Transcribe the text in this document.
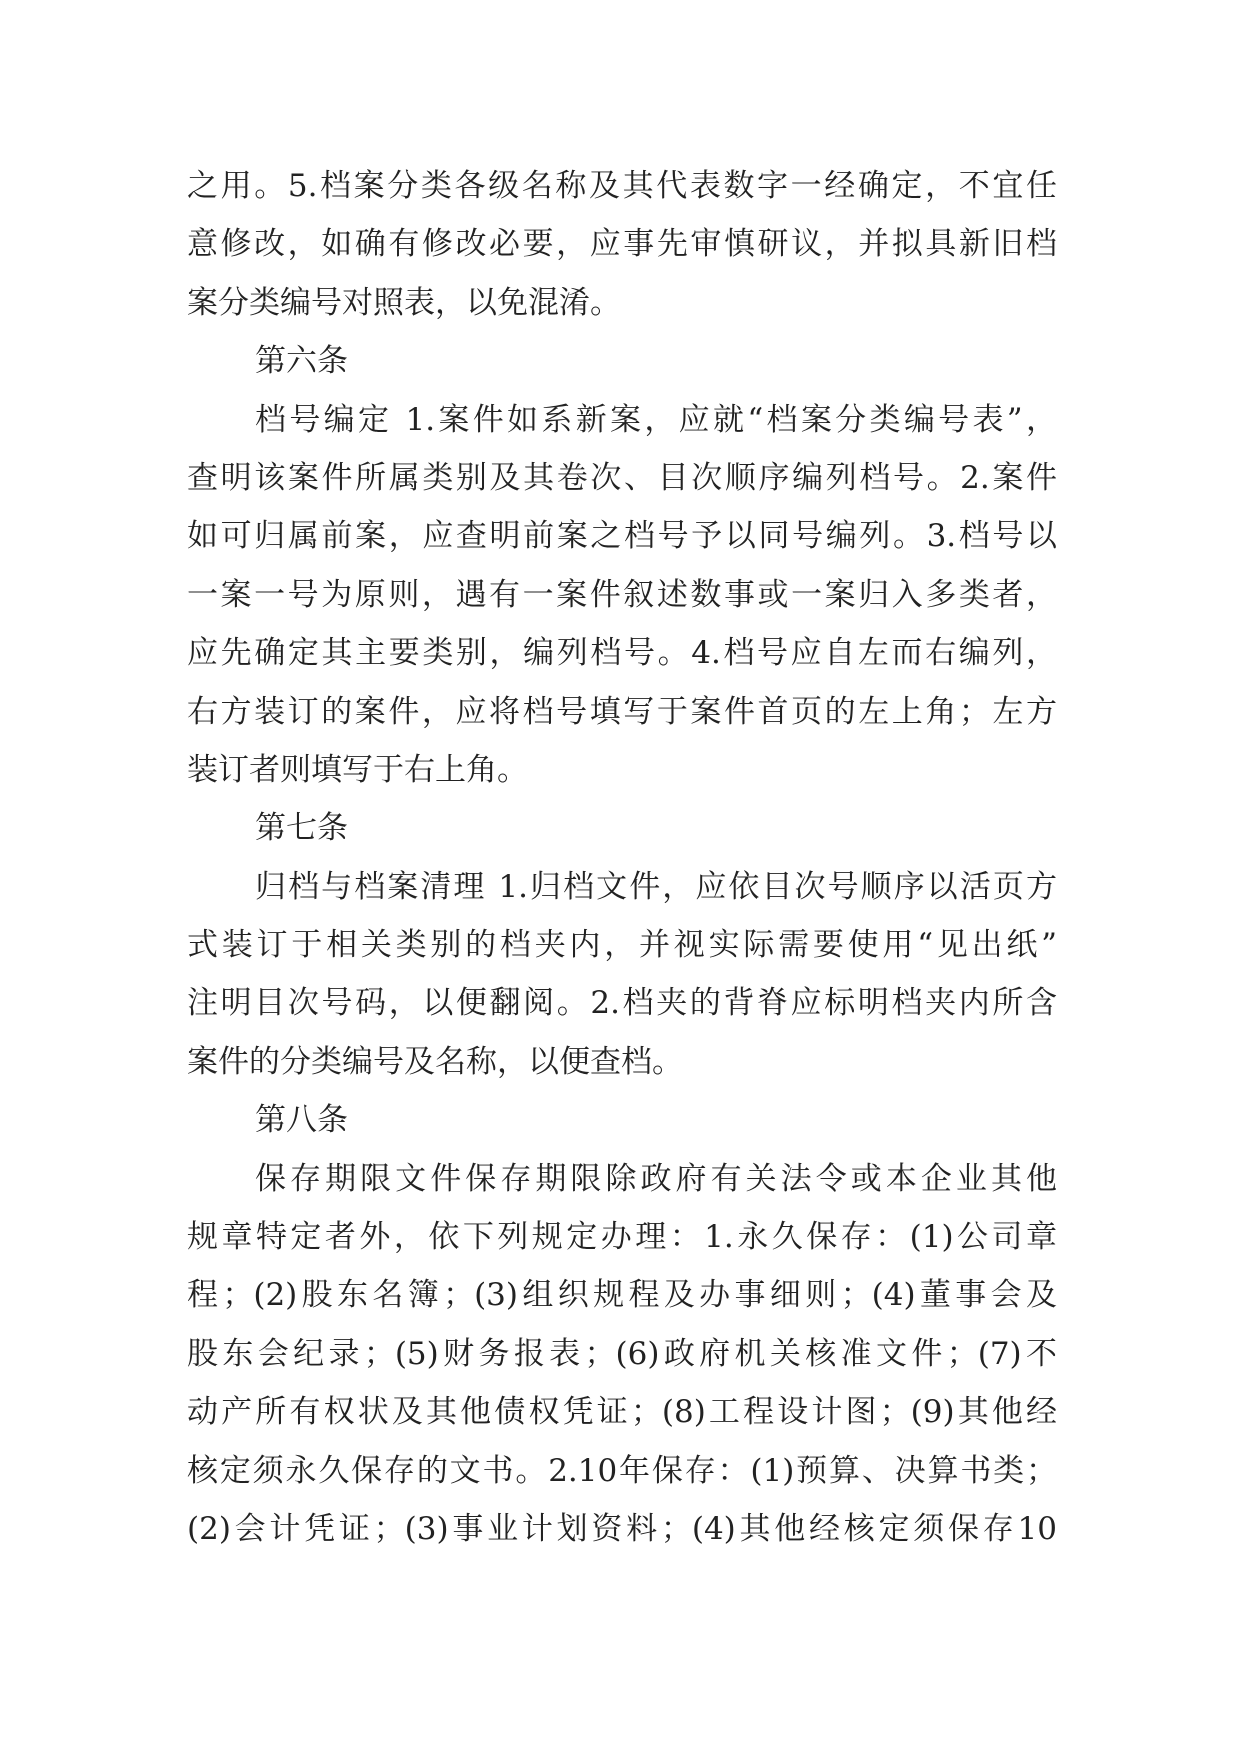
之用。5.档案分类各级名称及其代表数字一经确定，不宜任
意修改，如确有修改必要，应事先审慎研议，并拟具新旧档
案分类编号对照表，以免混淆。
第六条
档号编定 1.案件如系新案，应就“档案分类编号表”，
查明该案件所属类别及其卷次、目次顺序编列档号。2.案件
如可归属前案，应查明前案之档号予以同号编列。3.档号以
一案一号为原则，遇有一案件叙述数事或一案归入多类者，
应先确定其主要类别，编列档号。4.档号应自左而右编列，
右方装订的案件，应将档号填写于案件首页的左上角；左方
装订者则填写于右上角。
第七条
归档与档案清理 1.归档文件，应依目次号顺序以活页方
式装订于相关类别的档夹内，并视实际需要使用“见出纸”
注明目次号码，以便翻阅。2.档夹的背脊应标明档夹内所含
案件的分类编号及名称，以便查档。
第八条
保存期限文件保存期限除政府有关法令或本企业其他
规章特定者外，依下列规定办理：1.永久保存：(1)公司章
程；(2)股东名簿；(3)组织规程及办事细则；(4)董事会及
股东会纪录；(5)财务报表；(6)政府机关核准文件；(7)不
动产所有权状及其他债权凭证；(8)工程设计图；(9)其他经
核定须永久保存的文书。2.10年保存：(1)预算、决算书类；
(2)会计凭证；(3)事业计划资料；(4)其他经核定须保存10
